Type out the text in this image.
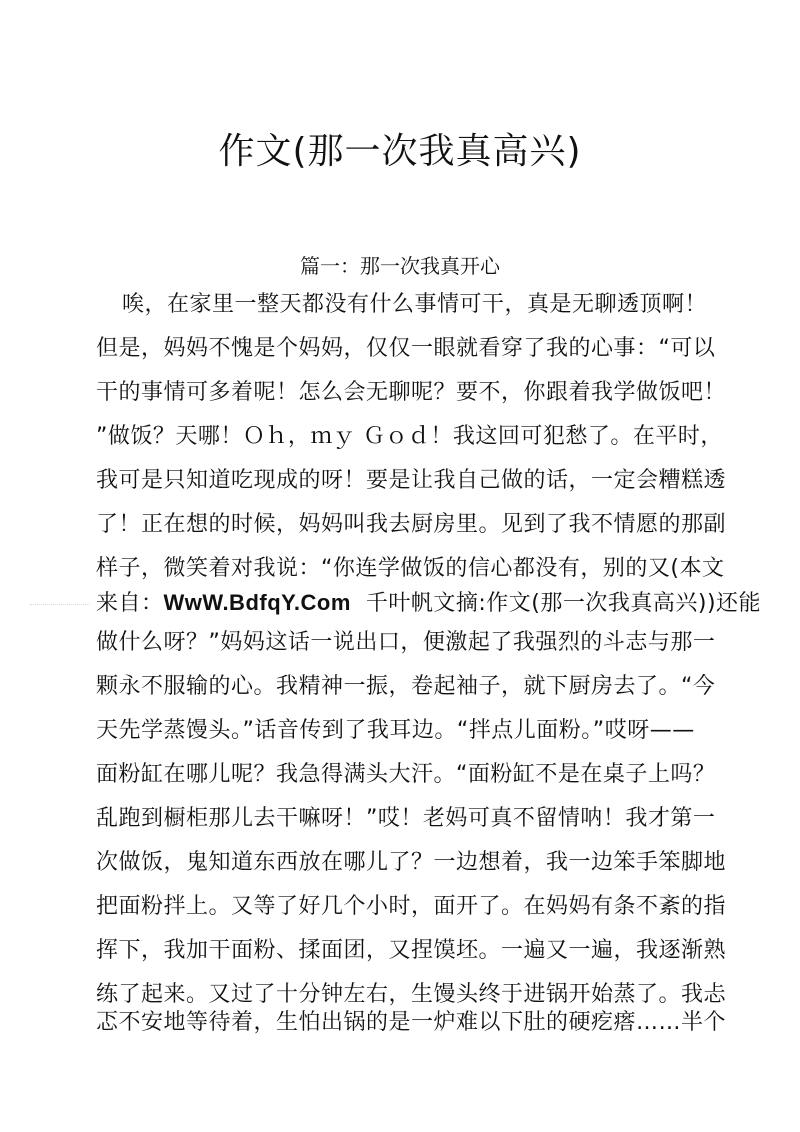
作文(那一次我真高兴)
篇一：那一次我真开心
唉，在家里一整天都没有什么事情可干，真是无聊透顶啊！
但是，妈妈不愧是个妈妈，仅仅一眼就看穿了我的心事：“可以
干的事情可多着呢！怎么会无聊呢？要不，你跟着我学做饭吧！
”做饭？天哪！Ｏｈ，ｍｙ Ｇｏｄ！我这回可犯愁了。在平时，
我可是只知道吃现成的呀！要是让我自己做的话，一定会糟糕透
了！正在想的时候，妈妈叫我去厨房里。见到了我不情愿的那副
样子，微笑着对我说：“你连学做饭的信心都没有，别的又(本文
来自：WwW.BdfqY.Com  千叶帆文摘:作文(那一次我真高兴))还能
做什么呀？”妈妈这话一说出口，便激起了我强烈的斗志与那一
颗永不服输的心。我精神一振，卷起袖子，就下厨房去了。“今
天先学蒸馒头。”话音传到了我耳边。“拌点儿面粉。”哎呀——
面粉缸在哪儿呢？我急得满头大汗。“面粉缸不是在桌子上吗？
乱跑到橱柜那儿去干嘛呀！”哎！老妈可真不留情呐！我才第一
次做饭，鬼知道东西放在哪儿了？一边想着，我一边笨手笨脚地
把面粉拌上。又等了好几个小时，面开了。在妈妈有条不紊的指
挥下，我加干面粉、揉面团，又捏馍坯。一遍又一遍，我逐渐熟
练了起来。又过了十分钟左右，生馒头终于进锅开始蒸了。我忐
忑不安地等待着，生怕出锅的是一炉难以下肚的硬疙瘩……半个
